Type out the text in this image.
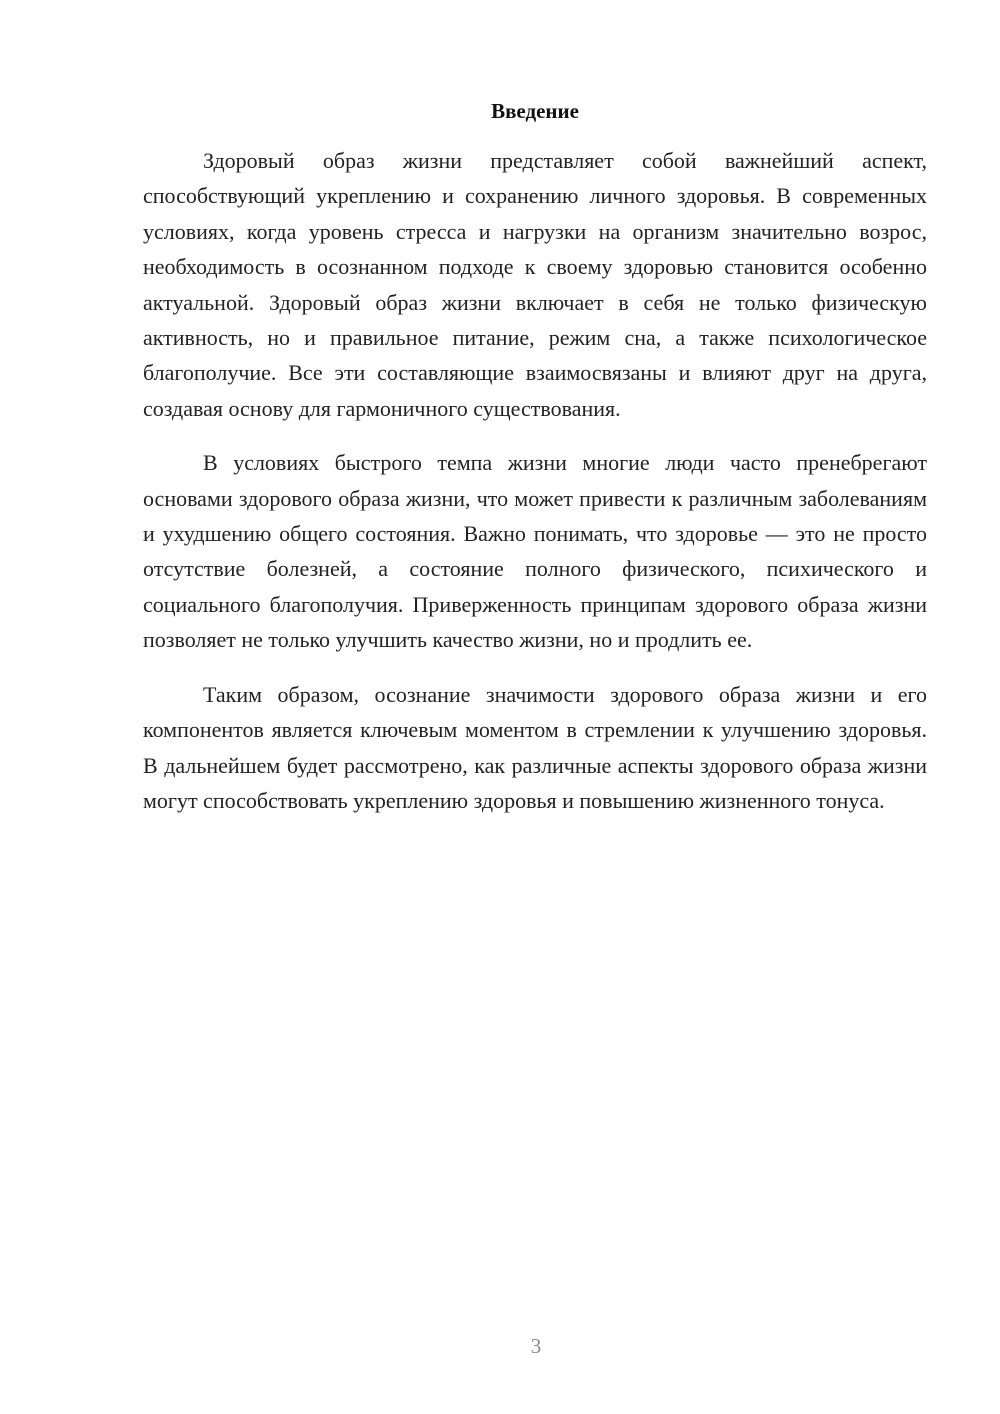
Введение

Здоровый образ жизни представляет собой важнейший аспект, способствующий укреплению и сохранению личного здоровья. В современных условиях, когда уровень стресса и нагрузки на организм значительно возрос, необходимость в осознанном подходе к своему здоровью становится особенно актуальной. Здоровый образ жизни включает в себя не только физическую активность, но и правильное питание, режим сна, а также психологическое благополучие. Все эти составляющие взаимосвязаны и влияют друг на друга, создавая основу для гармоничного существования.

В условиях быстрого темпа жизни многие люди часто пренебрегают основами здорового образа жизни, что может привести к различным заболеваниям и ухудшению общего состояния. Важно понимать, что здоровье — это не просто отсутствие болезней, а состояние полного физического, психического и социального благополучия. Приверженность принципам здорового образа жизни позволяет не только улучшить качество жизни, но и продлить ее.

Таким образом, осознание значимости здорового образа жизни и его компонентов является ключевым моментом в стремлении к улучшению здоровья. В дальнейшем будет рассмотрено, как различные аспекты здорового образа жизни могут способствовать укреплению здоровья и повышению жизненного тонуса.

3
